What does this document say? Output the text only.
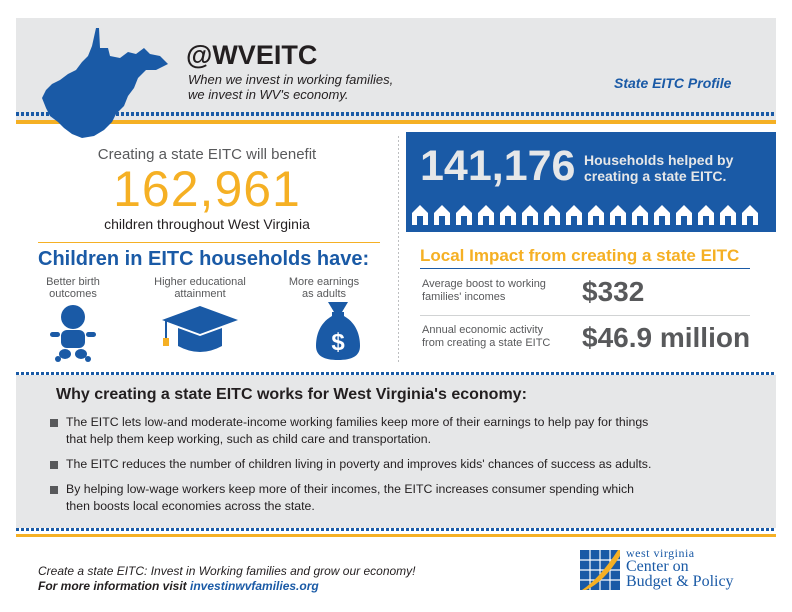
@WVEITC
When we invest in working families,
we invest in WV's economy.
State EITC Profile
Creating a state EITC will benefit
162,961
children throughout West Virginia
Children in EITC households have:
Better birth
outcomes
Higher educational
attainment
More earnings
as adults
$
141,176 Households helped by
creating a state EITC.
Local Impact from creating a state EITC
Average boost to working
families' incomes	$332
Annual economic activity
from creating a state EITC	$46.9 million
Why creating a state EITC works for West Virginia's economy:
The EITC lets low-and moderate-income working families keep more of their earnings to help pay for things
that help them keep working, such as child care and transportation.
The EITC reduces the number of children living in poverty and improves kids' chances of success as adults.
By helping low-wage workers keep more of their incomes, the EITC increases consumer spending which
then boosts local economies across the state.
Create a state EITC: Invest in Working families and grow our economy!
For more information visit investinwvfamilies.org
west virginia
Center on
Budget & Policy
